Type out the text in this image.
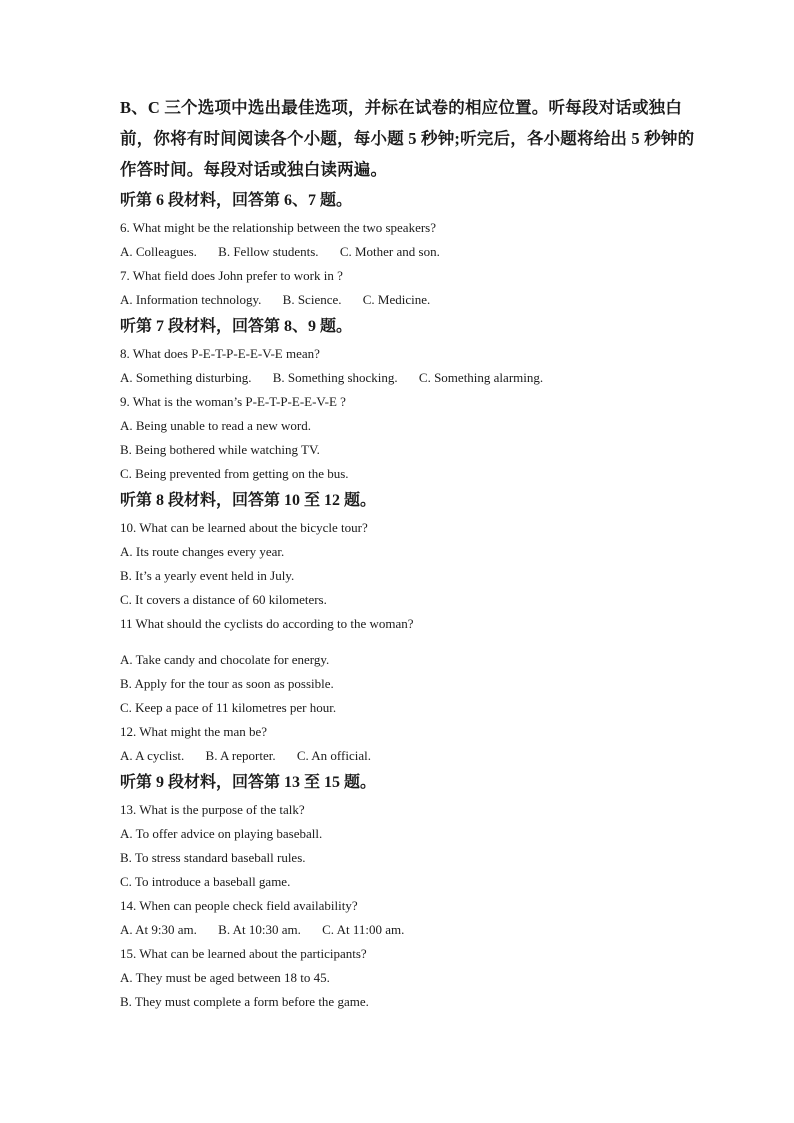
B、C 三个选项中选出最佳选项，并标在试卷的相应位置。听每段对话或独白
前，你将有时间阅读各个小题，每小题 5 秒钟;听完后，各小题将给出 5 秒钟的
作答时间。每段对话或独白读两遍。

听第 6 段材料，回答第 6、7 题。

6. What might be the relationship between the two speakers?

A. Colleagues. B. Fellow students. C. Mother and son.

7. What field does John prefer to work in ?

A. Information technology. B. Science. C. Medicine.

听第 7 段材料，回答第 8、9 题。

8. What does P-E-T-P-E-E-V-E mean?

A. Something disturbing. B. Something shocking. C. Something alarming.

9. What is the woman’s P-E-T-P-E-E-V-E ?

A. Being unable to read a new word.

B. Being bothered while watching TV.

C. Being prevented from getting on the bus.

听第 8 段材料，回答第 10 至 12 题。

10. What can be learned about the bicycle tour?

A. Its route changes every year.

B. It’s a yearly event held in July.

C. It covers a distance of 60 kilometers.

11 What should the cyclists do according to the woman?

A. Take candy and chocolate for energy.

B. Apply for the tour as soon as possible.

C. Keep a pace of 11 kilometres per hour.

12. What might the man be?

A. A cyclist. B. A reporter. C. An official.

听第 9 段材料，回答第 13 至 15 题。

13. What is the purpose of the talk?

A. To offer advice on playing baseball.

B. To stress standard baseball rules.

C. To introduce a baseball game.

14. When can people check field availability?

A. At 9:30 am. B. At 10:30 am. C. At 11:00 am.

15. What can be learned about the participants?

A. They must be aged between 18 to 45.

B. They must complete a form before the game.
